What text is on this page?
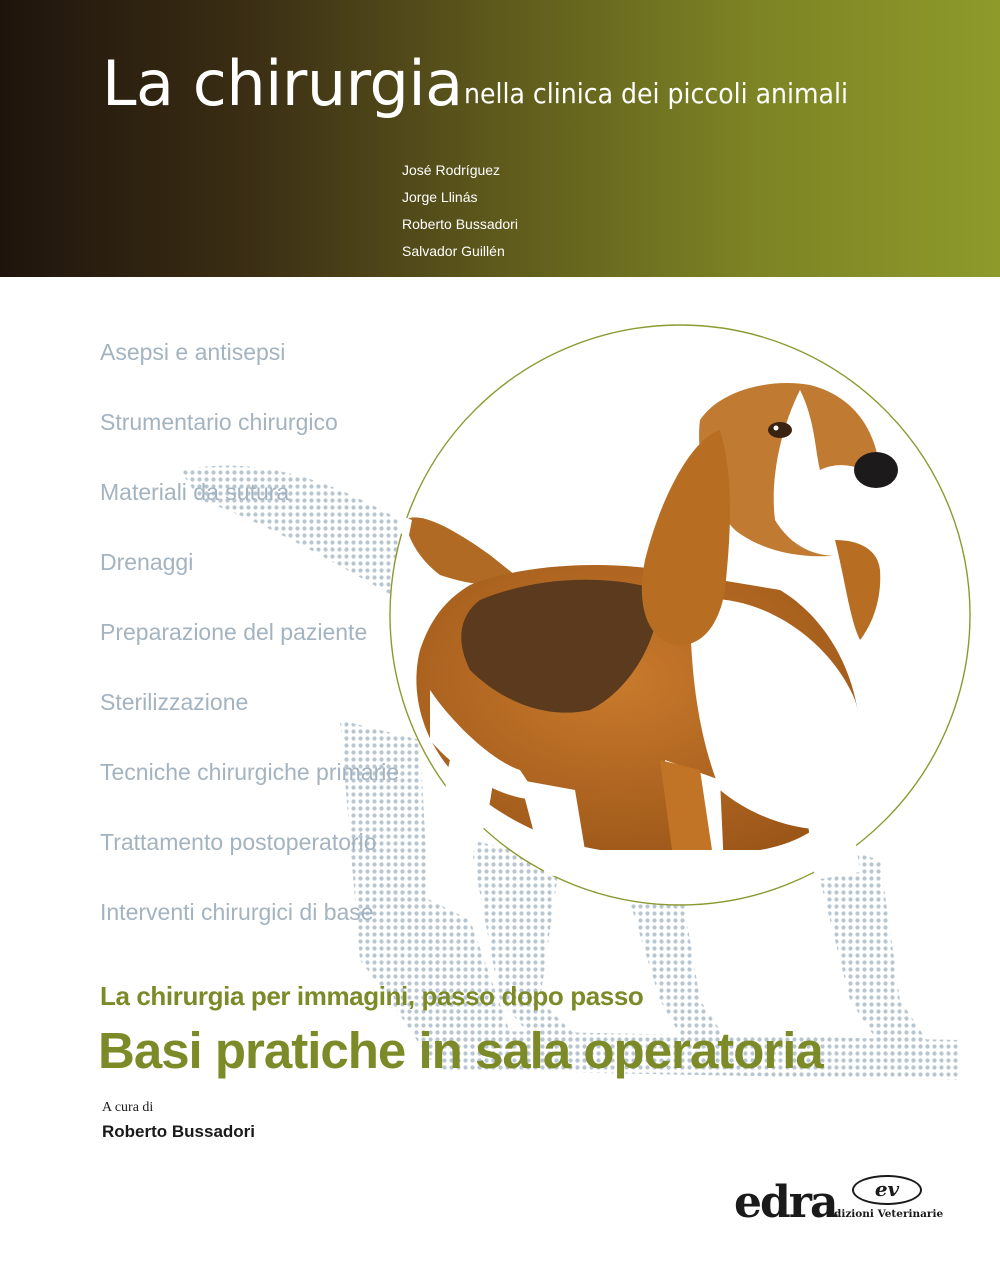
La chirurgia nella clinica dei piccoli animali
José Rodríguez
Jorge Llinás
Roberto Bussadori
Salvador Guillén
Asepsi e antisepsi
Strumentario chirurgico
Materiali da sutura
Drenaggi
Preparazione del paziente
Sterilizzazione
Tecniche chirurgiche primarie
Trattamento postoperatorio
Interventi chirurgici di base
La chirurgia per immagini, passo dopo passo
Basi pratiche in sala operatoria
A cura di
Roberto Bussadori
edra	ev
Edizioni Veterinarie
